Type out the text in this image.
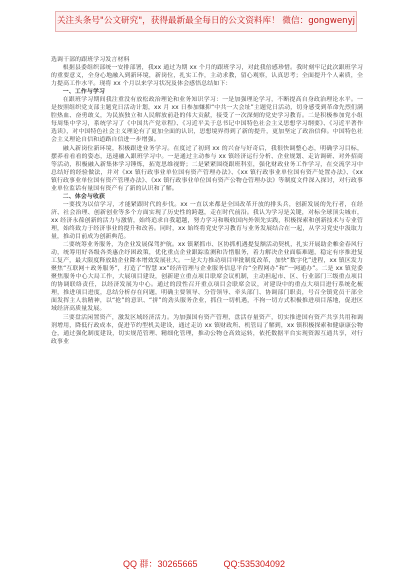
关注头条号"公文研究"，获得最新最全每日的公文资料库！ 微信：gongwenyj

选调干部的跟班学习发言材料

根据县委组织部统一安排部署，我xx 通过为期 xx 个月的跟班学习，对此我倍感珍惜。我时刻牢记此次跟班学习的重要意义，全身心地融入到新环境，新岗位，扎实工作，主动求教，留心观察，认真思考；全面提升个人素质，全力提高工作水平。现将 xx 个月以来学习状况及体会感悟总结如下：

一、工作与学习

在跟班学习期间我注重没有放松政治理论和业务知识学习：一是加强理论学习，不断提高自身政治理论水平。一是按照组织党支部主题党日活动计划，xx 月 xx 日参加嫌抑“中共一大会址”主题党日活动，切身感受到革命先烈们满腔热血、奋勇敢义，为民族独立和人民解放前赴的伟大贡献，接受了一次深刻的党史学习教育。二是积极参加党小组每周集中学习，系统学习了《中国共产党章程》、《习近平关于总书记中国特色社会主义思想学习纲要》、《习近平著作选读》，对中国特色社会主义理论有了更加全面的认识，思想境界得到了新的提升，更加坚定了政治信仰。中国特色社会主义理论自信和道路自信进一步增强。

融入新岗位新环境，积极跟进业务学习。在度过了初到 xx 的兴奋与好奇后，我很快调整心态，明确学习目标，摆养看看看的姿态，迅速融入跟班学习中。一是通过主动参与 xx 镇经济运行分析、企业规划、走访调研、对外招商等活动，积极融入新集体学习锤炼，拓宽思维视野；二是紧紧围绕跟班科室，强化财政业务工作学习，在交流学习中总结好的经验做法，并对《xx 镇行政事业单位国有资产管理办法》、《xx 镇行政事业单位国有资产处置办法》、《xx 镇行政事业单位国有资产管理办法》、《xx 镇行政事业单位国有资产公物仓管理办法》等制度文件深入探讨，对行政事业单位监话有量国有资产有了新的认识和了解。

二、体会与收获

一要找为以信学习，才能紧跟时代的步伐。xx 一直以来都是全国改革开放的排头兵，创新发展的先行者，在经济、社会治理、创新创业等多个方面实现了历史性的跨越，走在时代前沿。我认为学习是关键，对标全球顶尖城市，xx 经济永葆创新的活力与激情，始终追求自我超越，努力学习和吸收国内外领先实践，积极探索和创新技术与专业管理，始终致力于经济事业的提升和改善。同时，xx 始终将党史学习教育与业务发展结合在一起，从学习党史中汲取力量，推动目前成为创新典范。

二要统筹业务服务，为企业发展保驾护航。xx 镇紧抓市、区协抓机遇提复额活动契机，扎实开展助企帷金春风行动，统筹用好各级各类惠企纾困政策，优化重点企业跟踪监测和告惜服务，着力解决企业面临难题，稳定有序推进复工复产，最大限度释放助企业降本增效发展社大。一是大力推动项目审批制度改革，加快“数字化”进程，xx 镇区发力聚焦“互联网＋政务服务”，打造了“智慧 xx”经济管理与企业服务信息平台“全程网办”和“一网通办”。二是 xx 镇党委聚焦服务中心大局工作，大展项目建设，创新建立重点项目联席会议机制，主动担起市、区、行业部门三级重点项目的协调联络责任，以经济发展为中心。通过的段性召开重点项目会联席会议，对建设中的重点大项目进行系统化梳理，推进项目进度，总结分析存在问题，明确主要领导、分管领导、牵头部门、协调部门职责，号召全镇党员干部全面发挥主人翁精神，以“抢”的意识、“拼”的劲头服务企业，抓住一切机遇，不拘一切方式积极推进项目落地，促进区域经济高质量发展。

三要盘活闲置资产，激发区域经济活力。为加强国有资产管理，盘活存量资产，切实推进国有资产共享共用和调剂增用，降低行政成本，促进节约型机关建设，通过走访 xx 镇财政所、机管局了解到，xx 镇积极探索和健康康公物仓，通过强化制度建设，切实规范管理、精细化管理，推动公物仓高效运转，依托数据平台实现资源互通共享，对行政事业

QQ 群：30265665	QQ:535304092
